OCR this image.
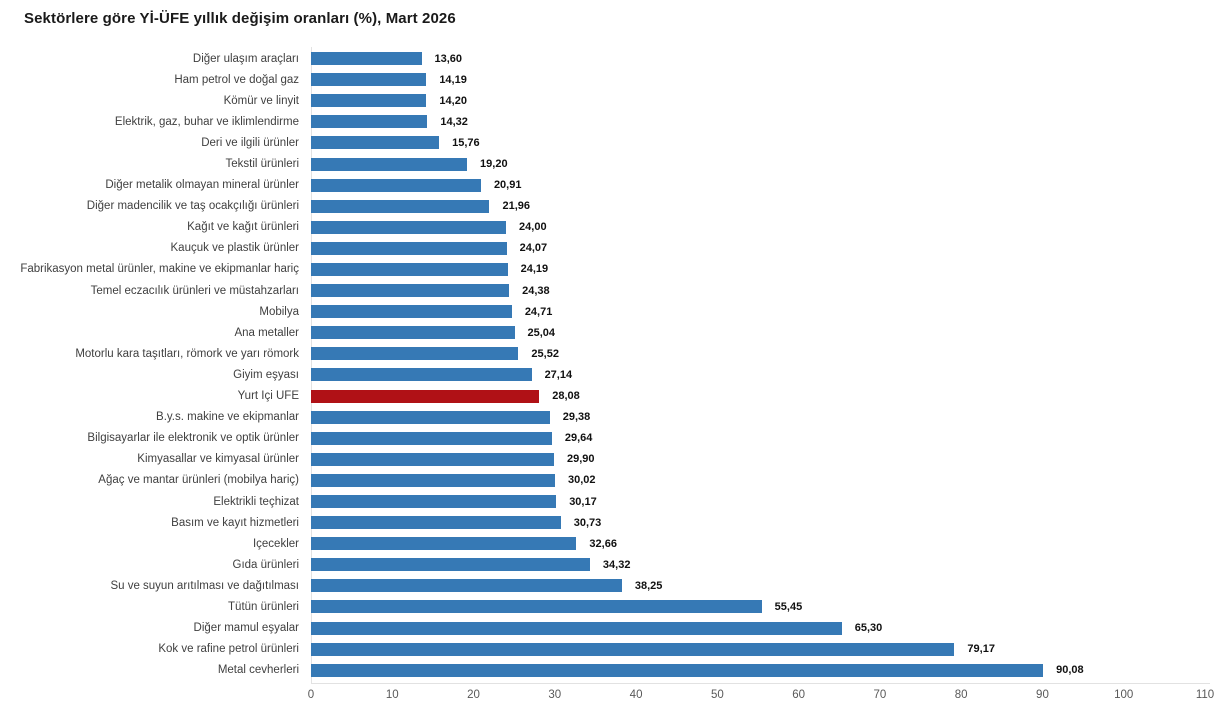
Sektörlere göre Yİ-ÜFE yıllık değişim oranları (%), Mart 2026
Diğer ulaşım araçları	13,60
Ham petrol ve doğal gaz	14,19
Kömür ve linyit	14,20
Elektrik, gaz, buhar ve iklimlendirme	14,32
Deri ve ilgili ürünler	15,76
Tekstil ürünleri	19,20
Diğer metalik olmayan mineral ürünler	20,91
Diğer madencilik ve taş ocakçılığı ürünleri	21,96
Kağıt ve kağıt ürünleri	24,00
Kauçuk ve plastik ürünler	24,07
Fabrikasyon metal ürünler, makine ve ekipmanlar hariç	24,19
Temel eczacılık ürünleri ve müstahzarları	24,38
Mobilya	24,71
Ana metaller	25,04
Motorlu kara taşıtları, römork ve yarı römork	25,52
Giyim eşyası	27,14
Yurt İçi ÜFE	28,08
B.y.s. makine ve ekipmanlar	29,38
Bilgisayarlar ile elektronik ve optik ürünler	29,64
Kimyasallar ve kimyasal ürünler	29,90
Ağaç ve mantar ürünleri (mobilya hariç)	30,02
Elektrikli teçhizat	30,17
Basım ve kayıt hizmetleri	30,73
İçecekler	32,66
Gıda ürünleri	34,32
Su ve suyun arıtılması ve dağıtılması	38,25
Tütün ürünleri	55,45
Diğer mamul eşyalar	65,30
Kok ve rafine petrol ürünleri	79,17
Metal cevherleri	90,08
0	10	20	30	40	50	60	70	80	90	100	110
